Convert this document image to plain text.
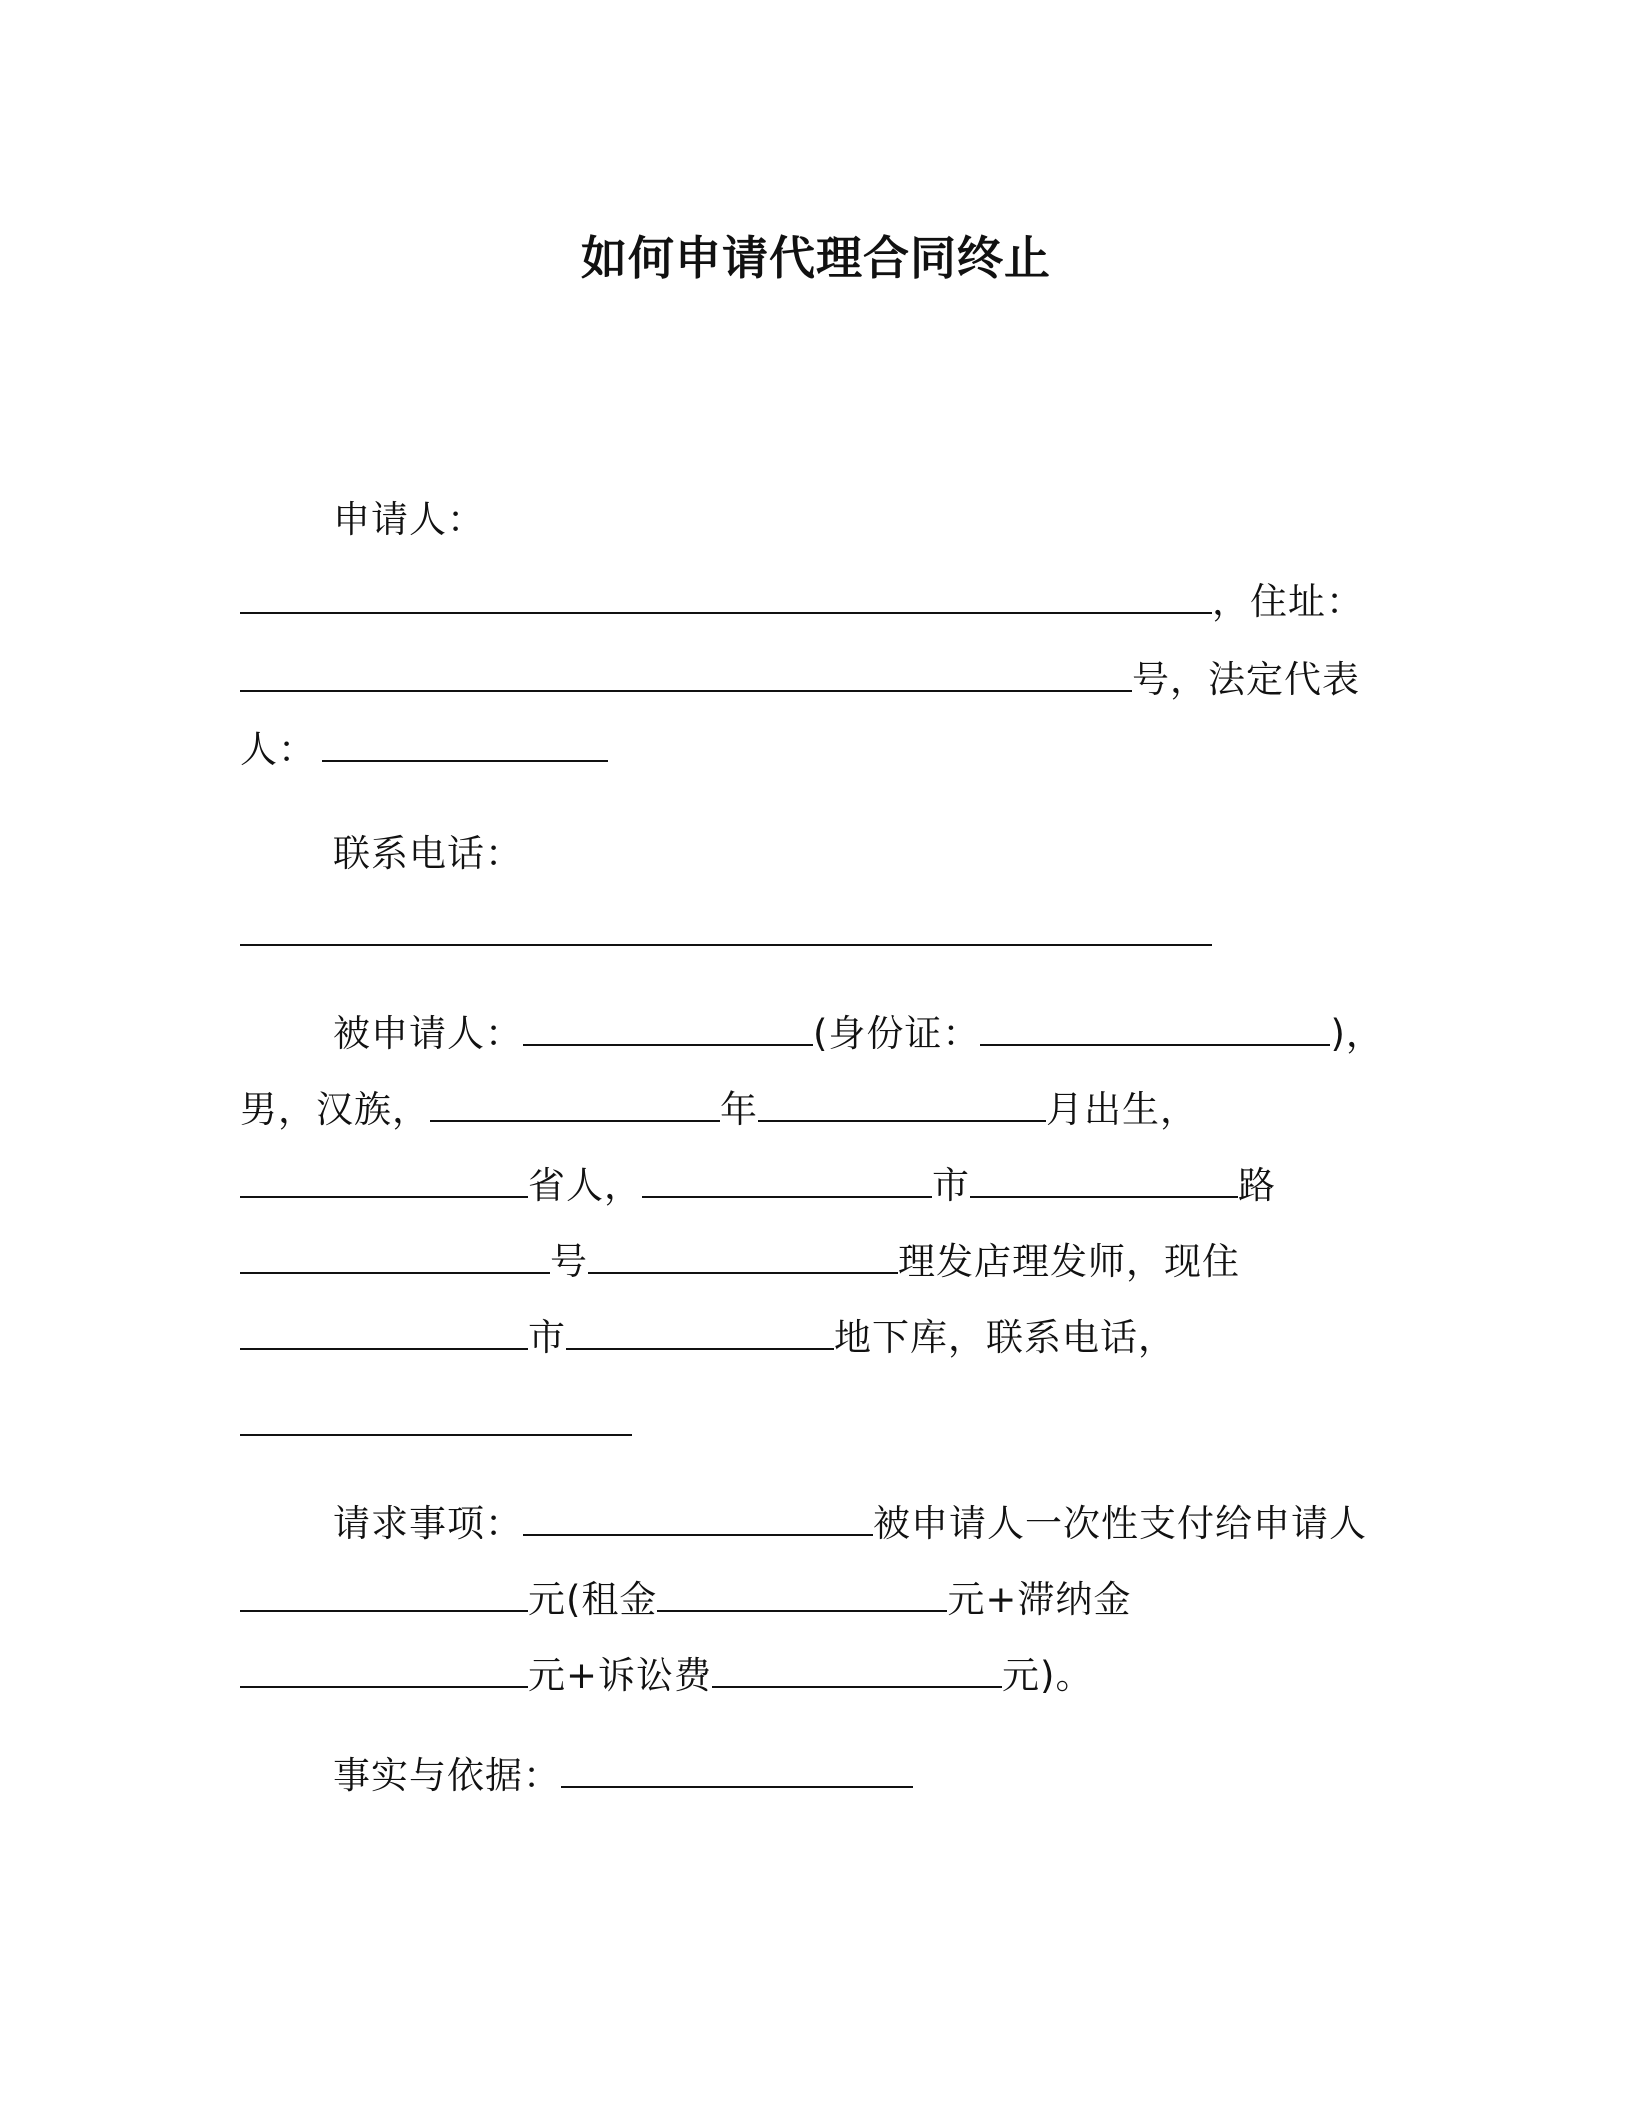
如何申请代理合同终止
申请人：
，住址：
号，法定代表
人：
联系电话：
被申请人：	(身份证：	)，
男，汉族，	年	月出生，
省人，	市	路
号	理发店理发师，现住
市	地下库，联系电话，
请求事项：	被申请人一次性支付给申请人
元(租金	元+滞纳金
元+诉讼费	元)。
事实与依据：
